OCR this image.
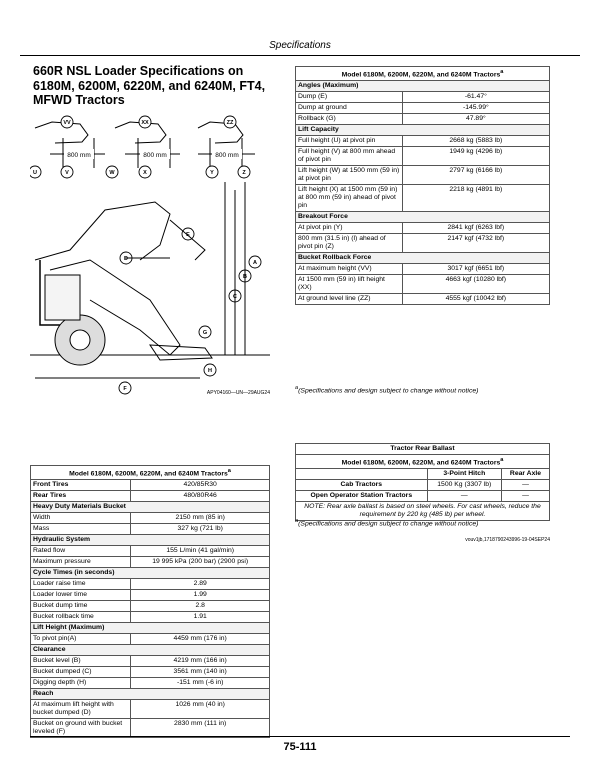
Specifications
660R NSL Loader Specifications on 6180M, 6200M, 6220M, and 6240M, FT4, MFWD Tractors
800 mm	800 mm	800 mm
VV	XX	ZZ
U	V	W	X	Y	Z
A
B
C
D
E
F
G
H
APY04160—UN—29AUG24
Model 6180M, 6200M, 6220M, and 6240M Tractors$^a$
Front Tires	420/85R30
Rear Tires	480/80R46
Heavy Duty Materials Bucket	
Width	2150 mm (85 in)
Mass	327 kg (721 lb)
Hydraulic System	
Rated flow	155 L/min (41 gal/min)
Maximum pressure	19 995 kPa (200 bar) (2900 psi)
Cycle Times (in seconds)	
Loader raise time	2.89
Loader lower time	1.99
Bucket dump time	2.8
Bucket rollback time	1.91
Lift Height (Maximum)	
To pivot pin(A)	4459 mm (176 in)
Clearance	
Bucket level (B)	4219 mm (166 in)
Bucket dumped (C)	3561 mm (140 in)
Digging depth (H)	-151 mm (-6 in)
Reach	
At maximum lift height with bucket dumped (D)	1026 mm (40 in)
Bucket on ground with bucket leveled (F)	2830 mm (111 in)
Model 6180M, 6200M, 6220M, and 6240M Tractors$^a$
Angles (Maximum)	
Dump (E)	-61.47°
Dump at ground	-145.99°
Rollback (G)	47.89°
Lift Capacity	
Full height (U) at pivot pin	2668 kg (5883 lb)
Full height (V) at 800 mm ahead of pivot pin	1949 kg (4296 lb)
Lift height (W) at 1500 mm (59 in) at pivot pin	2797 kg (6166 lb)
Lift height (X) at 1500 mm (59 in) at 800 mm (59 in) ahead of pivot pin	2218 kg (4891 lb)
Breakout Force	
At pivot pin (Y)	2841 kgf (6263 lbf)
800 mm (31.5 in) (l) ahead of pivot pin (Z)	2147 kgf (4732 lbf)
Bucket Rollback Force	
At maximum height (VV)	3017 kgf (6651 lbf)
At 1500 mm (59 in) lift height (XX)	4663 kgf (10280 lbf)
At ground level line (ZZ)	4555 kgf (10042 lbf)
$^a$(Specifications and design subject to change without notice)
Tractor Rear Ballast		
Model 6180M, 6200M, 6220M, and 6240M Tractors$^a$
	3-Point Hitch	Rear Axle
Cab Tractors	1500 Kg (3307 lb)	—
Open Operator Station Tractors	—	—
NOTE: Rear axle ballast is based on steel wheels. For cast wheels, reduce the requirement by 220 kg (485 lb) per wheel.		
$^a$(Specifications and design subject to change without notice)
vouv1jb,1718790243996-19-04SEP24
75-111
